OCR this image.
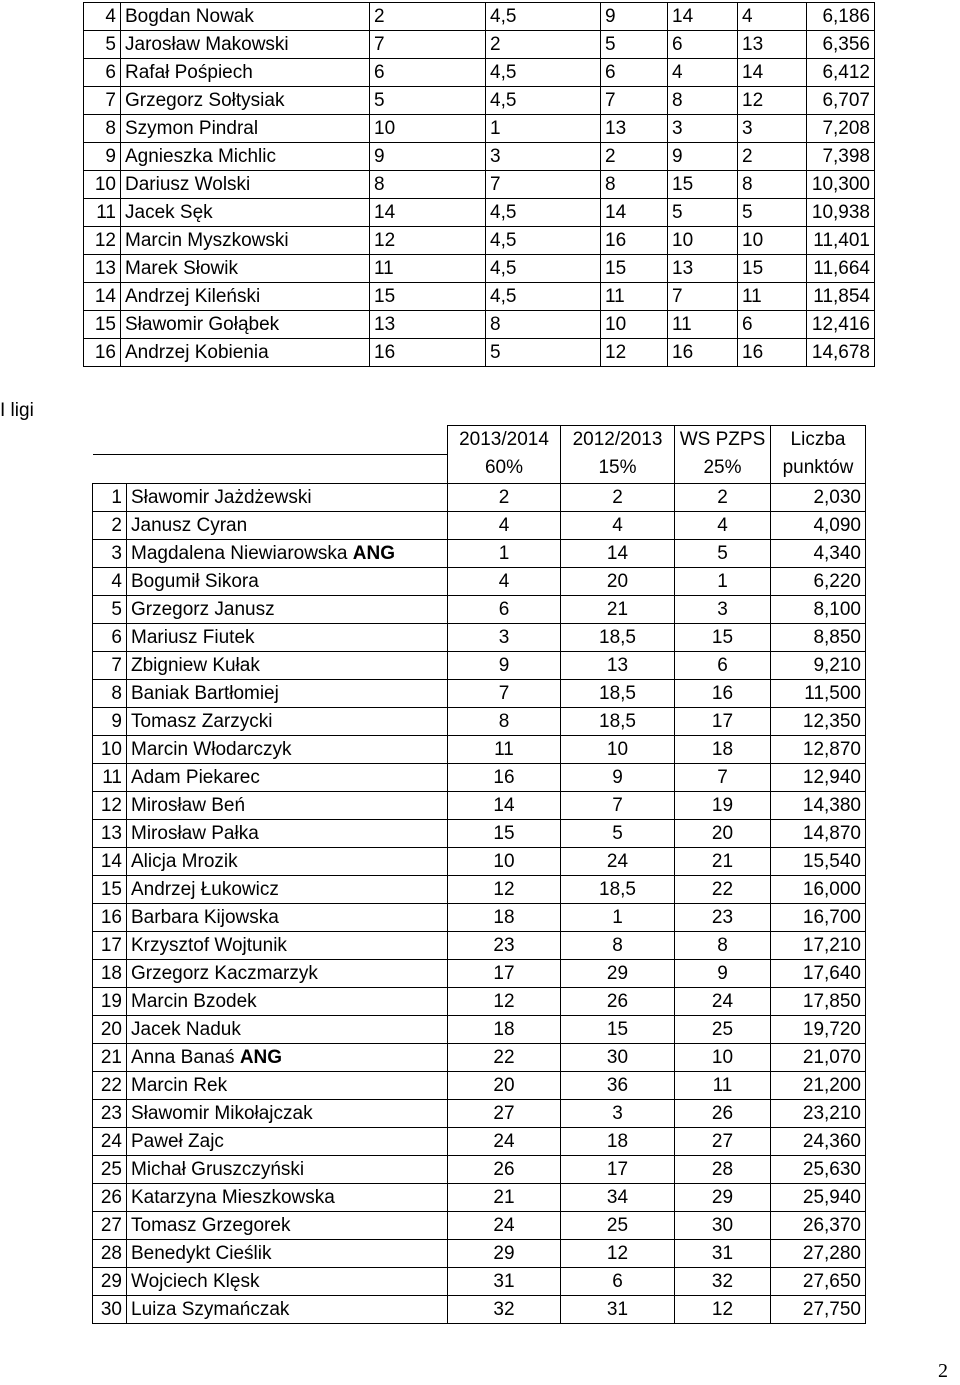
4	Bogdan Nowak	2	4,5	9	14	4	6,186
5	Jarosław Makowski	7	2	5	6	13	6,356
6	Rafał Pośpiech	6	4,5	6	4	14	6,412
7	Grzegorz Sołtysiak	5	4,5	7	8	12	6,707
8	Szymon Pindral	10	1	13	3	3	7,208
9	Agnieszka Michlic	9	3	2	9	2	7,398
10	Dariusz Wolski	8	7	8	15	8	10,300
11	Jacek Sęk	14	4,5	14	5	5	10,938
12	Marcin Myszkowski	12	4,5	16	10	10	11,401
13	Marek Słowik	11	4,5	15	13	15	11,664
14	Andrzej Kileński	15	4,5	11	7	11	11,854
15	Sławomir Gołąbek	13	8	10	11	6	12,416
16	Andrzej Kobienia	16	5	12	16	16	14,678
I ligi
		2013/2014	2012/2013	WS PZPS	Liczba
		60%	15%	25%	punktów
1	Sławomir Jażdżewski	2	2	2	2,030
2	Janusz Cyran	4	4	4	4,090
3	Magdalena Niewiarowska ANG	1	14	5	4,340
4	Bogumił Sikora	4	20	1	6,220
5	Grzegorz Janusz	6	21	3	8,100
6	Mariusz Fiutek	3	18,5	15	8,850
7	Zbigniew Kułak	9	13	6	9,210
8	Baniak Bartłomiej	7	18,5	16	11,500
9	Tomasz Zarzycki	8	18,5	17	12,350
10	Marcin Włodarczyk	11	10	18	12,870
11	Adam Piekarec	16	9	7	12,940
12	Mirosław Beń	14	7	19	14,380
13	Mirosław Pałka	15	5	20	14,870
14	Alicja Mrozik	10	24	21	15,540
15	Andrzej Łukowicz	12	18,5	22	16,000
16	Barbara Kijowska	18	1	23	16,700
17	Krzysztof Wojtunik	23	8	8	17,210
18	Grzegorz Kaczmarzyk	17	29	9	17,640
19	Marcin Bzodek	12	26	24	17,850
20	Jacek Naduk	18	15	25	19,720
21	Anna Banaś ANG	22	30	10	21,070
22	Marcin Rek	20	36	11	21,200
23	Sławomir Mikołajczak	27	3	26	23,210
24	Paweł Zajc	24	18	27	24,360
25	Michał Gruszczyński	26	17	28	25,630
26	Katarzyna Mieszkowska	21	34	29	25,940
27	Tomasz Grzegorek	24	25	30	26,370
28	Benedykt Cieślik	29	12	31	27,280
29	Wojciech Klęsk	31	6	32	27,650
30	Luiza Szymańczak	32	31	12	27,750
2
